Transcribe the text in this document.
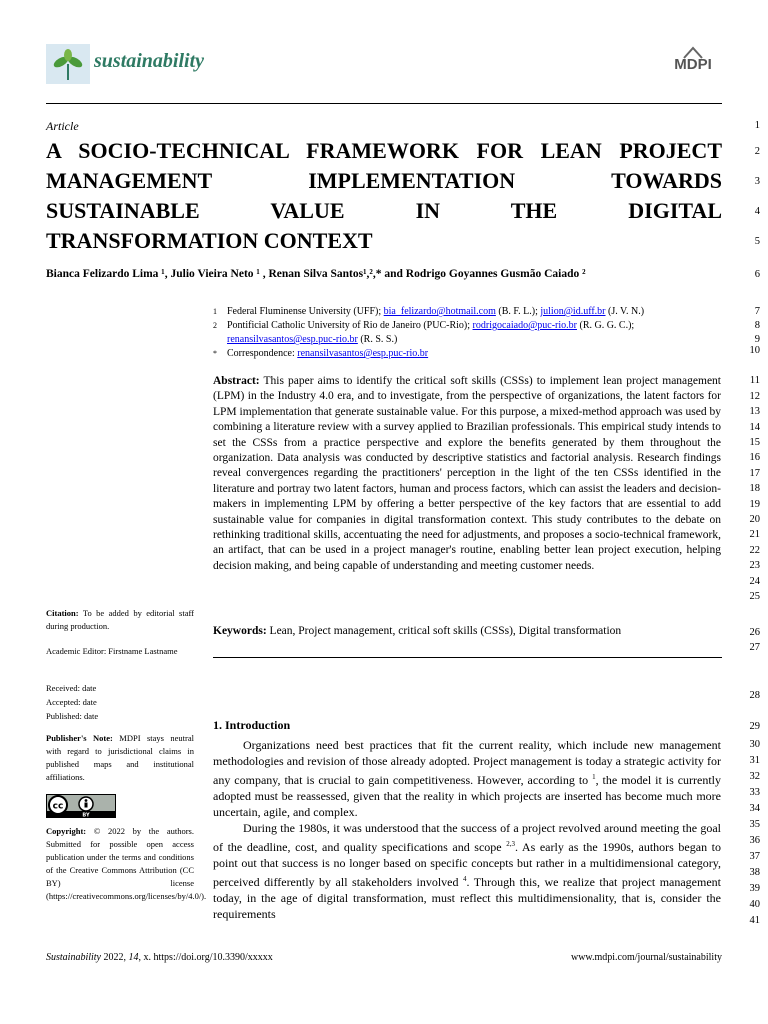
sustainability	MDPI
1
2
3
4
5
6
7
8
9
10
11
12
13
14
15
16
17
18
19
20
21
22
23
24
25
26
27
28
29
30
31
32
33
34
35
36
37
38
39
40
41
Article
A SOCIO-TECHNICAL FRAMEWORK FOR LEAN PROJECT
MANAGEMENT IMPLEMENTATION TOWARDS
SUSTAINABLE VALUE IN THE DIGITAL
TRANSFORMATION CONTEXT
Bianca Felizardo Lima ¹, Julio Vieira Neto ¹ , Renan Silva Santos¹,²,* and Rodrigo Goyannes Gusmão Caiado ²
1 Federal Fluminense University (UFF); bia_felizardo@hotmail.com (B. F. L.); julion@id.uff.br (J. V. N.)
2 Pontificial Catholic University of Rio de Janeiro (PUC-Rio); rodrigocaiado@puc-rio.br (R. G. G. C.);
renansilvasantos@esp.puc-rio.br (R. S. S.)
* Correspondence: renansilvasantos@esp.puc-rio.br
Abstract: This paper aims to identify the critical soft skills (CSSs) to implement lean project management (LPM) in the Industry 4.0 era, and to investigate, from the perspective of organizations, the latent factors for LPM implementation that generate sustainable value. For this purpose, a mixed-method approach was used by combining a literature review with a survey applied to Brazilian professionals. This empirical study intends to set the CSSs from a practice perspective and explore the benefits generated by them throughout the organization. Data analysis was conducted by descriptive statistics and factorial analysis. Research findings reveal convergences regarding the practitioners' perception in the light of the ten CSSs identified in the literature and portray two latent factors, human and process factors, which can assist the leaders and decision-makers in implementing LPM by offering a better perspective of the key factors that are essential to add sustainable value for companies in digital transformation context. This study contributes to the debate on rethinking traditional skills, accentuating the need for adjustments, and proposes a socio-technical framework, an artifact, that can be used in a project manager's routine, enabling better lean project execution, helping decision making, and being capable of understanding and meeting customer needs.
Keywords: Lean, Project management, critical soft skills (CSSs), Digital transformation
1. Introduction

Organizations need best practices that fit the current reality, which include new management methodologies and revision of those already adopted. Project management is today a strategic activity for any company, that is crucial to gain competitiveness. However, according to $^1$, the model it is currently adopted must be reassessed, given that the reality in which projects are inserted has become much more uncertain, agile, and complex.

During the 1980s, it was understood that the success of a project revolved around meeting the goal of the deadline, cost, and quality specifications and scope $^{2,3}$. As early as the 1990s, authors began to point out that success is no longer based on specific concepts but rather in a multidimensional category, perceived differently by all stakeholders involved $^4$. Through this, we realize that project management today, in the age of digital transformation, must reflect this multidimensionality, that is, consider the requirements

Citation: To be added by editorial staff during production.
Academic Editor: Firstname Lastname
Received: date
Accepted: date
Published: date
Publisher's Note: MDPI stays neutral with regard to jurisdictional claims in published maps and institutional affiliations.
cc
BY
Copyright: © 2022 by the authors. Submitted for possible open access publication under the terms and conditions of the Creative Commons Attribution (CC BY) license (https://creativecommons.org/licenses/by/4.0/).
Sustainability 2022, 14, x. https://doi.org/10.3390/xxxxx	www.mdpi.com/journal/sustainability
